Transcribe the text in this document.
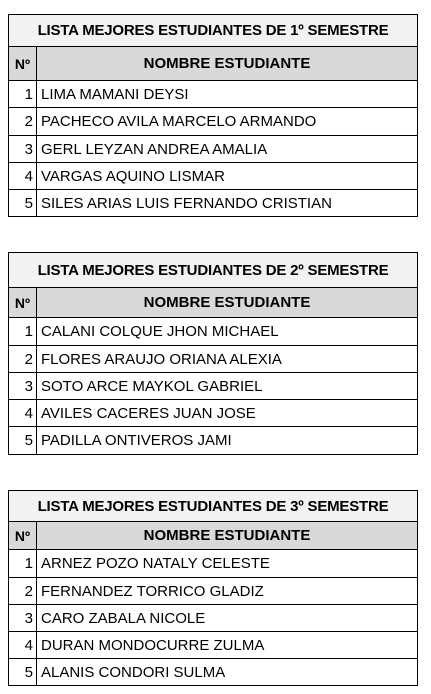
LISTA MEJORES ESTUDIANTES DE 1º SEMESTRE	
Nº	NOMBRE ESTUDIANTE
1	LIMA MAMANI DEYSI
2	PACHECO AVILA MARCELO ARMANDO
3	GERL LEYZAN ANDREA AMALIA
4	VARGAS AQUINO LISMAR
5	SILES ARIAS LUIS FERNANDO CRISTIAN
LISTA MEJORES ESTUDIANTES DE 2º SEMESTRE	
Nº	NOMBRE ESTUDIANTE
1	CALANI COLQUE JHON MICHAEL
2	FLORES ARAUJO ORIANA ALEXIA
3	SOTO ARCE MAYKOL GABRIEL
4	AVILES CACERES JUAN JOSE
5	PADILLA ONTIVEROS JAMI
LISTA MEJORES ESTUDIANTES DE 3º SEMESTRE	
Nº	NOMBRE ESTUDIANTE
1	ARNEZ POZO NATALY CELESTE
2	FERNANDEZ TORRICO GLADIZ
3	CARO ZABALA NICOLE
4	DURAN MONDOCURRE ZULMA
5	ALANIS CONDORI SULMA
